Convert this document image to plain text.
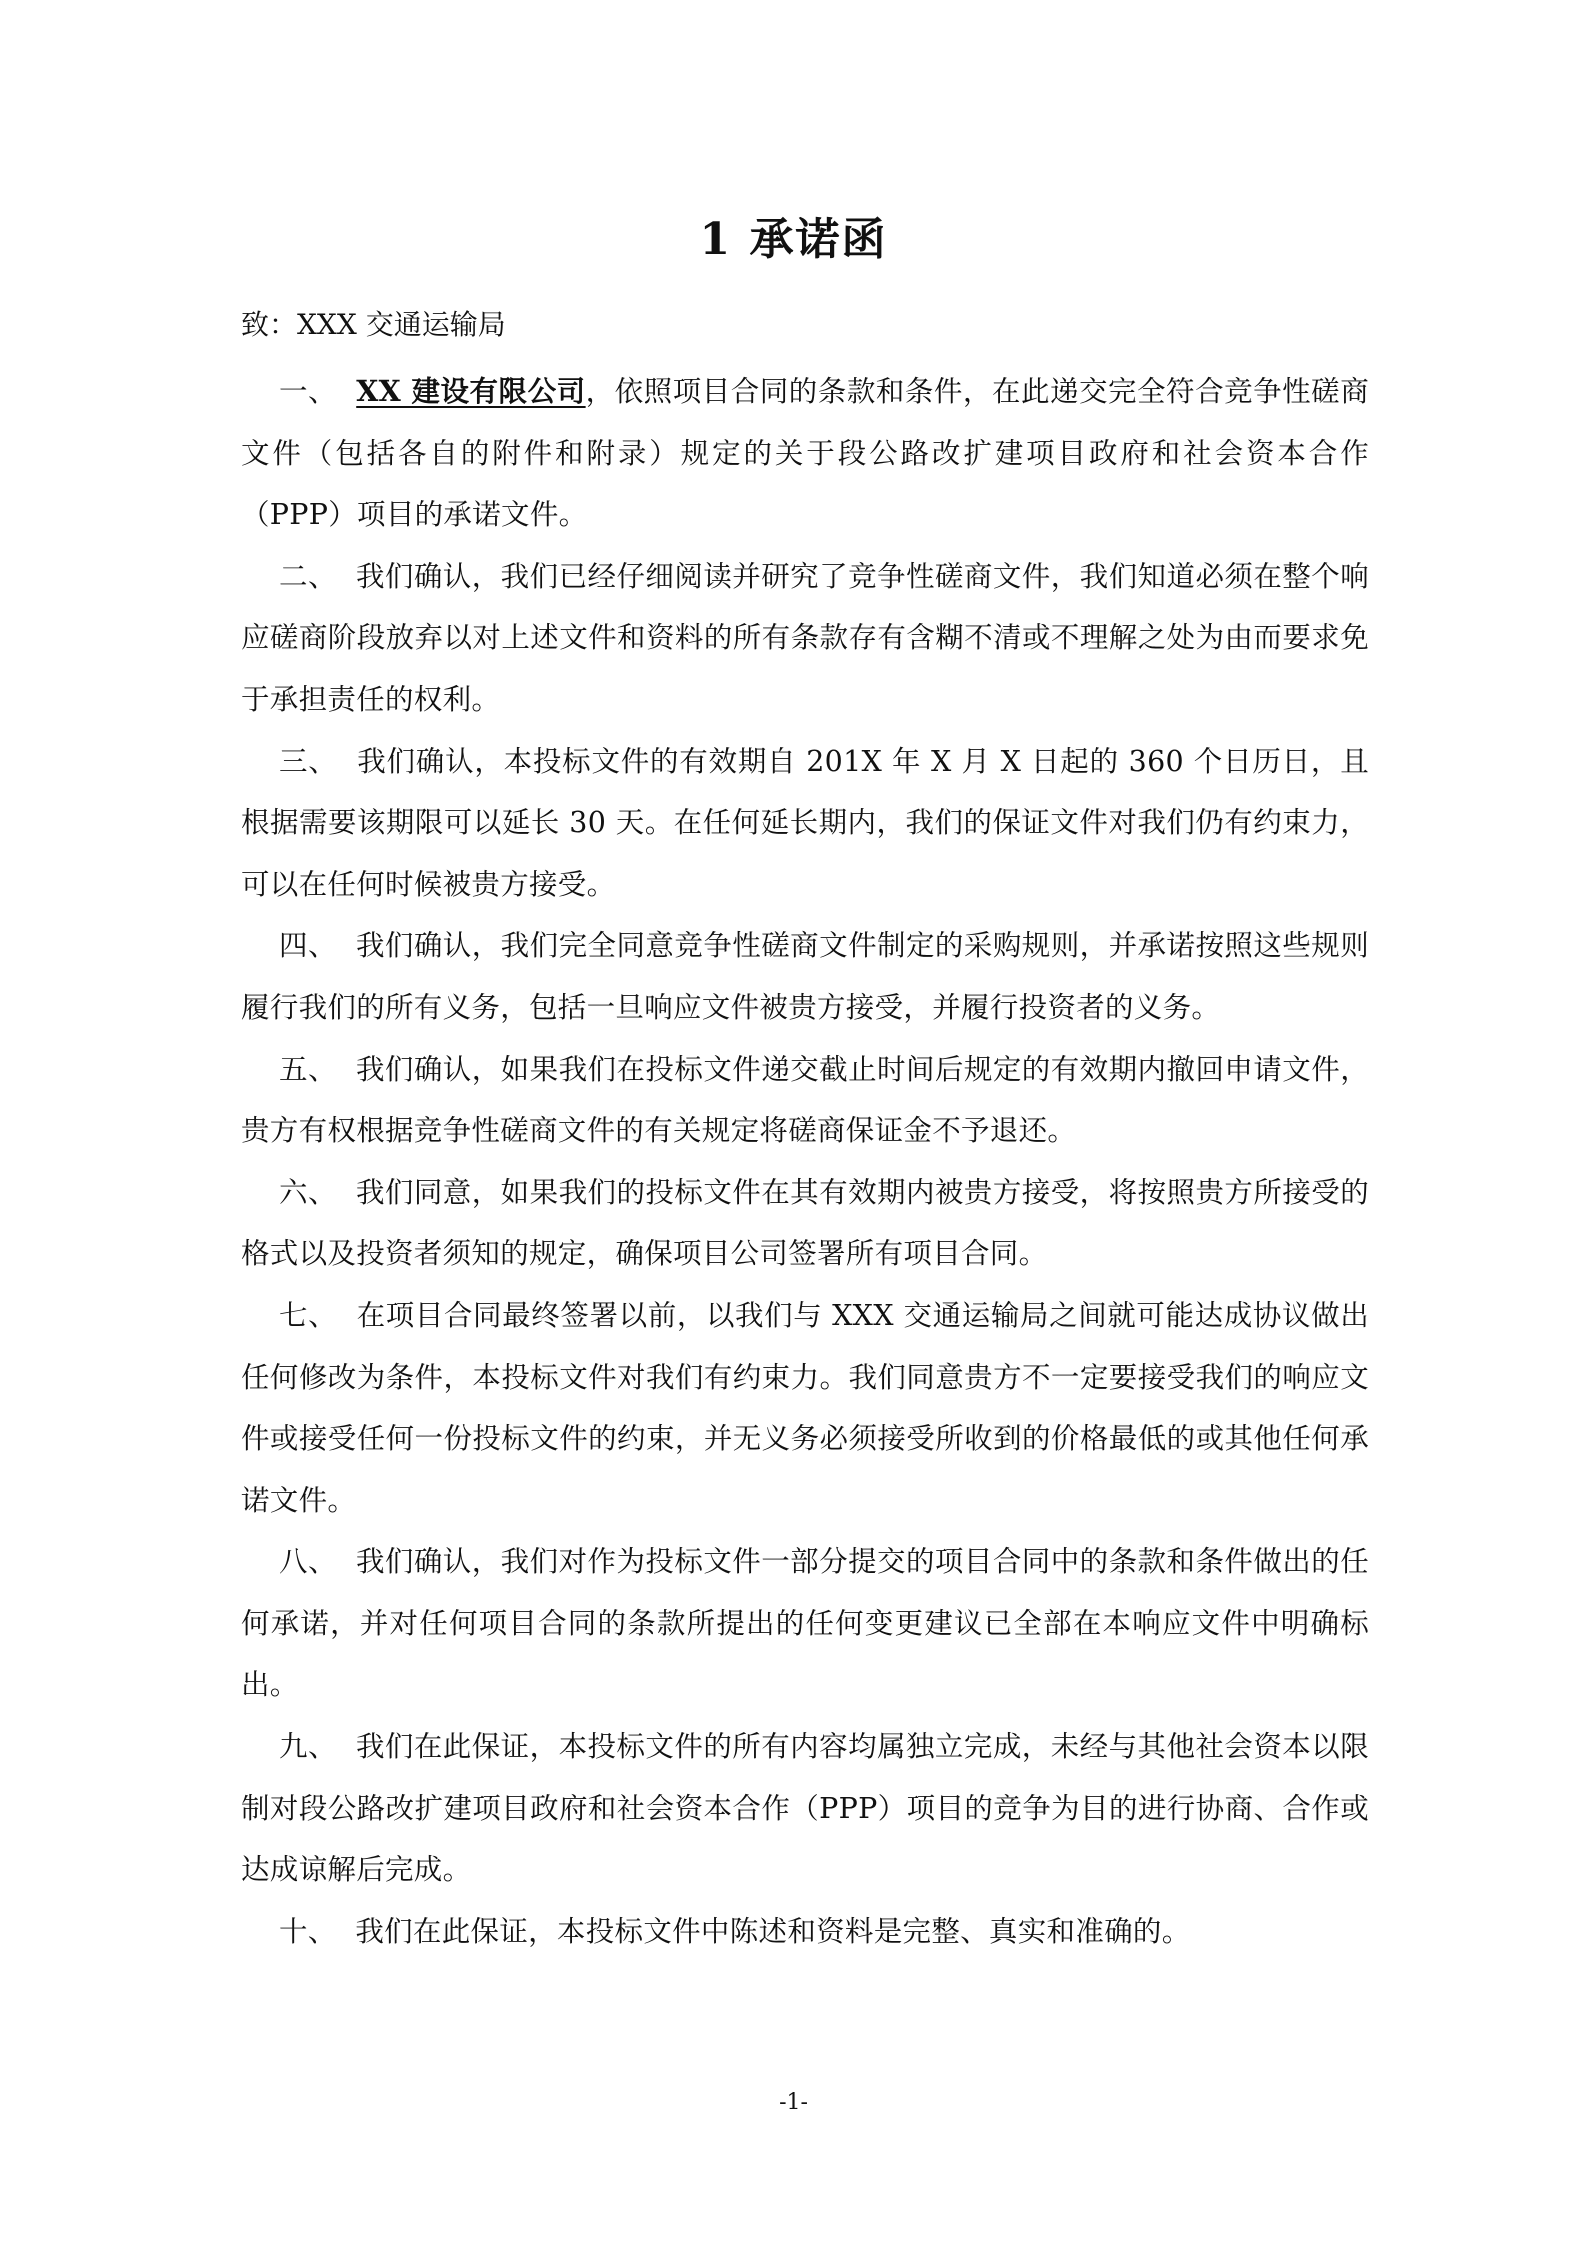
1 承诺函
致：XXX 交通运输局

一、 XX 建设有限公司，依照项目合同的条款和条件，在此递交完全符合竞争性磋商文件（包括各自的附件和附录）规定的关于段公路改扩建项目政府和社会资本合作（PPP）项目的承诺文件。

二、 我们确认，我们已经仔细阅读并研究了竞争性磋商文件，我们知道必须在整个响应磋商阶段放弃以对上述文件和资料的所有条款存有含糊不清或不理解之处为由而要求免于承担责任的权利。

三、 我们确认，本投标文件的有效期自 201X 年 X 月 X 日起的 360 个日历日，且根据需要该期限可以延长 30 天。在任何延长期内，我们的保证文件对我们仍有约束力，可以在任何时候被贵方接受。

四、 我们确认，我们完全同意竞争性磋商文件制定的采购规则，并承诺按照这些规则履行我们的所有义务，包括一旦响应文件被贵方接受，并履行投资者的义务。

五、 我们确认，如果我们在投标文件递交截止时间后规定的有效期内撤回申请文件，贵方有权根据竞争性磋商文件的有关规定将磋商保证金不予退还。

六、 我们同意，如果我们的投标文件在其有效期内被贵方接受，将按照贵方所接受的格式以及投资者须知的规定，确保项目公司签署所有项目合同。

七、 在项目合同最终签署以前，以我们与 XXX 交通运输局之间就可能达成协议做出任何修改为条件，本投标文件对我们有约束力。我们同意贵方不一定要接受我们的响应文件或接受任何一份投标文件的约束，并无义务必须接受所收到的价格最低的或其他任何承诺文件。

八、 我们确认，我们对作为投标文件一部分提交的项目合同中的条款和条件做出的任何承诺，并对任何项目合同的条款所提出的任何变更建议已全部在本响应文件中明确标出。

九、 我们在此保证，本投标文件的所有内容均属独立完成，未经与其他社会资本以限制对段公路改扩建项目政府和社会资本合作（PPP）项目的竞争为目的进行协商、合作或达成谅解后完成。

十、 我们在此保证，本投标文件中陈述和资料是完整、真实和准确的。

-1-
